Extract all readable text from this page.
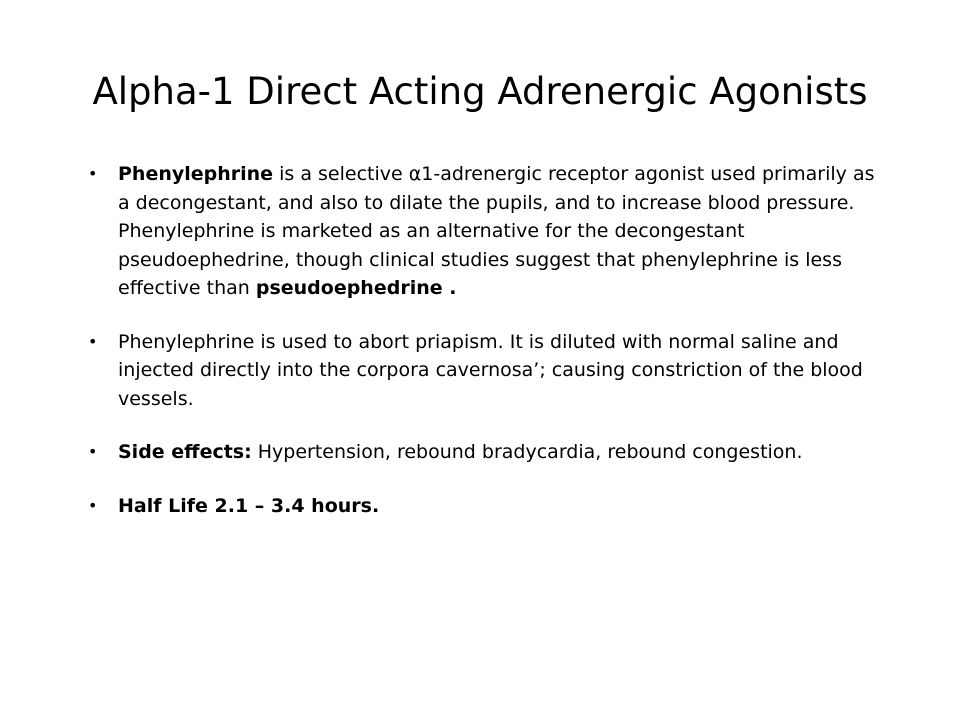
Alpha-1 Direct Acting Adrenergic Agonists
•	Phenylephrine is a selective α1-adrenergic receptor agonist used primarily as a decongestant, and also to dilate the pupils, and to increase blood pressure. Phenylephrine is marketed as an alternative for the decongestant pseudoephedrine, though clinical studies suggest that phenylephrine is less effective than pseudoephedrine .
•	Phenylephrine is used to abort priapism. It is diluted with normal saline and injected directly into the corpora cavernosa’; causing constriction of the blood vessels.
•	Side effects: Hypertension, rebound bradycardia, rebound congestion.
•	Half Life 2.1 – 3.4 hours.
